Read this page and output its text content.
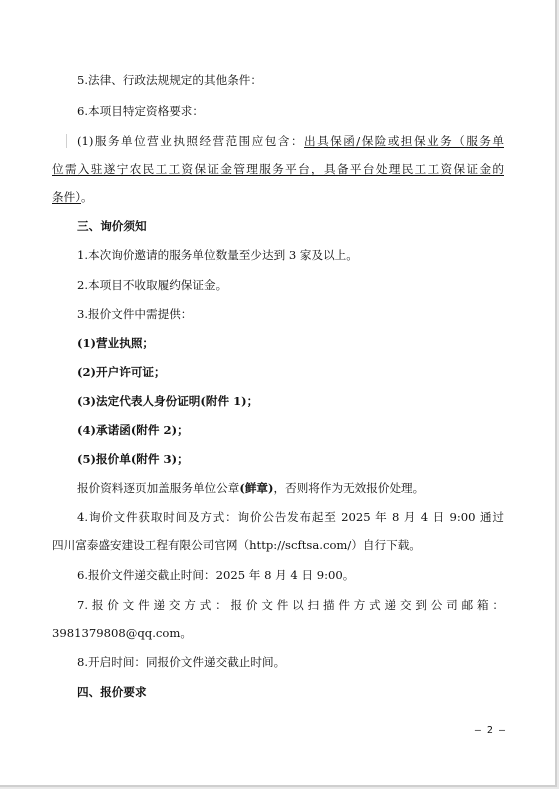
5.法律、行政法规规定的其他条件：
6.本项目特定资格要求：
(1)服务单位营业执照经营范围应包含：出具保函/保险或担保业务（服务单
位需入驻遂宁农民工工资保证金管理服务平台，具备平台处理民工工资保证金的
条件）。
三、询价须知
1.本次询价邀请的服务单位数量至少达到 3 家及以上。
2.本项目不收取履约保证金。
3.报价文件中需提供：
(1)营业执照；
(2)开户许可证；
(3)法定代表人身份证明(附件 1)；
(4)承诺函(附件 2)；
(5)报价单(附件 3)；
报价资料逐页加盖服务单位公章(鲜章)，否则将作为无效报价处理。
4.询价文件获取时间及方式：询价公告发布起至 2025 年 8 月 4 日 9:00 通过
四川富泰盛安建设工程有限公司官网（http://scftsa.com/）自行下载。
6.报价文件递交截止时间：2025 年 8 月 4 日 9:00。
7.报价文件递交方式：报价文件以扫描件方式递交到公司邮箱：
3981379808@qq.com。
8.开启时间：同报价文件递交截止时间。
四、报价要求
— 2 —
